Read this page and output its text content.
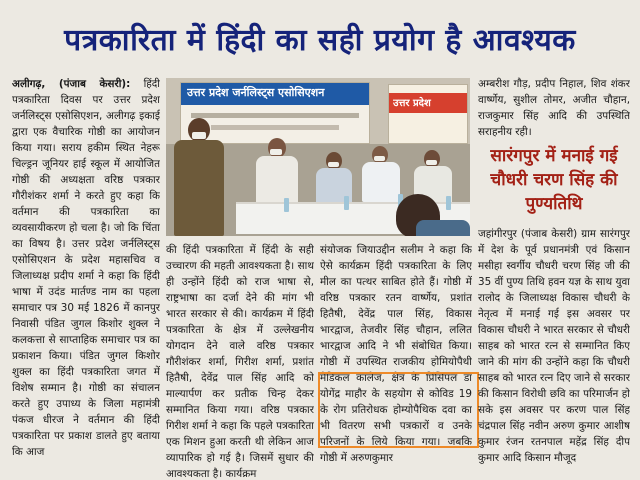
पत्रकारिता में हिंदी का सही प्रयोग है आवश्यक

अलीगढ़, (पंजाब केसरी): हिंदी पत्रकारिता दिवस पर उत्तर प्रदेश जर्नलिस्ट्स एसोसिएशन, अलीगढ़ इकाई द्वारा एक वैचारिक गोष्ठी का आयोजन किया गया। सराय हकीम स्थित नेहरू चिल्ड्रन जूनियर हाई स्कूल में आयोजित गोष्ठी की अध्यक्षता वरिष्ठ पत्रकार गौरीशंकर शर्मा ने करते हुए कहा कि वर्तमान की पत्रकारिता का व्यवसायीकरण हो चला है। जो कि चिंता का विषय है। उत्तर प्रदेश जर्नलिस्ट्स एसोसिएशन के प्रदेश महासचिव व जिलाध्यक्ष प्रदीप शर्मा ने कहा कि हिंदी भाषा में उदंड मार्तण्ड नाम का पहला समाचार पत्र 30 मई 1826 में कानपुर निवासी पंडित जुगल किशोर शुक्ल ने कलकत्ता से साप्ताहिक समाचार पत्र का प्रकाशन किया। पंडित जुगल किशोर शुक्ल का हिंदी पत्रकारिता जगत में विशेष सम्मान है। गोष्ठी का संचालन करते हुए उपाध्य के जिला महामंत्री पंकज धीरज ने वर्तमान की हिंदी पत्रकारिता पर प्रकाश डालते हुए बताया कि आज

उत्तर प्रदेश जर्नलिस्ट्स एसोसिएशन
उत्तर प्रदेश

की हिंदी पत्रकारिता में हिंदी के सही उच्चारण की महती आवश्यकता है। साथ ही उन्होंने हिंदी को राज भाषा से, राष्ट्रभाषा का दर्जा देने की मांग भी भारत सरकार से की। कार्यक्रम में हिंदी पत्रकारिता के क्षेत्र में उल्लेखनीय योगदान देने वाले वरिष्ठ पत्रकार गौरीशंकर शर्मा, गिरीश शर्मा, प्रशांत हितैषी, देवेंद्र पाल सिंह आदि को माल्यार्पण कर प्रतीक चिन्ह देकर सम्मानित किया गया। वरिष्ठ पत्रकार गिरीश शर्मा ने कहा कि पहले पत्रकारिता एक मिशन हुआ करती थी लेकिन आज व्यापारिक हो गई है। जिसमें सुधार की आवश्यकता है। कार्यक्रम

संयोजक जियाउद्दीन सलीम ने कहा कि ऐसे कार्यक्रम हिंदी पत्रकारिता के लिए मील का पत्थर साबित होते हैं। गोष्ठी में वरिष्ठ पत्रकार रतन वार्ष्णेय, प्रशांत हितैषी, देवेंद्र पाल सिंह, विकास भारद्वाज, तेजवीर सिंह चौहान, ललित भारद्वाज आदि ने भी संबोधित किया। गोष्ठी में उपस्थित राजकीय होमियोपैथी मेडिकल कॉलेज, क्षेत्र के प्रिंसिपल डॉ योगेंद्र माहौर के सहयोग से कोविड 19 के रोग प्रतिरोधक होम्योपैथिक दवा का भी वितरण सभी पत्रकारों व उनके परिजनों के लिये किया गया। जबकि गोष्ठी में अरुणकुमार

अम्बरीश गौड़, प्रदीप निहाल, शिव शंकर वार्ष्णेय, सुशील तोमर, अजीत चौहान, राजकुमार सिंह आदि की उपस्थिति सराहनीय रही।

सारंगपुर में मनाई गई चौधरी चरण सिंह की पुण्यतिथि

जहांगीरपुर (पंजाब केसरी) ग्राम सारंगपुर में देश के पूर्व प्रधानमंत्री एवं किसान मसीहा स्वर्गीय चौधरी चरण सिंह जी की 35 वीं पुण्य तिथि हवन यज्ञ के साथ युवा रालोद के जिलाध्यक्ष विकास चौधरी के नेतृत्व में मनाई गई इस अवसर पर विकास चौधरी ने भारत सरकार से चौधरी साहब को भारत रत्न से सम्मानित किए जाने की मांग की उन्होंने कहा कि चौधरी साहब को भारत रत्न दिए जाने से सरकार की किसान विरोधी छवि का परिमार्जन हो सके इस अवसर पर करण पाल सिंह चंद्रपाल सिंह नवीन अरुण कुमार आशीष कुमार रंजन रतनपाल महेंद्र सिंह दीप कुमार आदि किसान मौजूद
